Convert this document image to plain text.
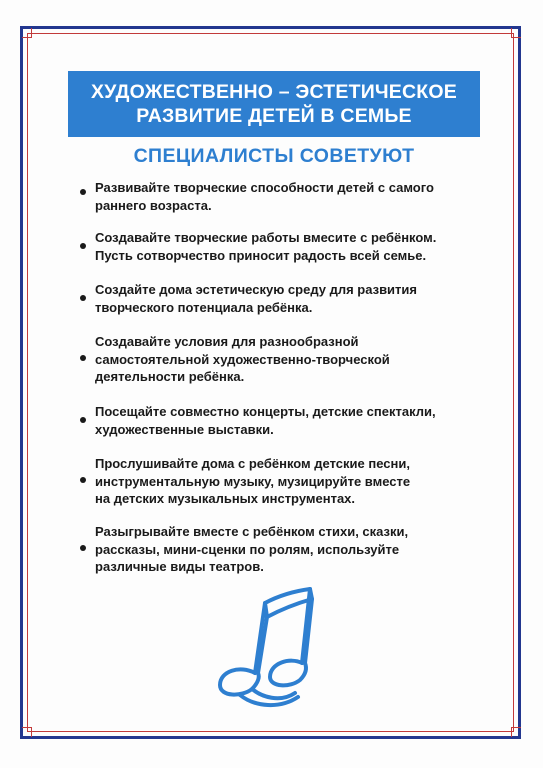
ХУДОЖЕСТВЕННО – ЭСТЕТИЧЕСКОЕ
РАЗВИТИЕ ДЕТЕЙ В СЕМЬЕ
СПЕЦИАЛИСТЫ СОВЕТУЮТ
Развивайте творческие способности детей с самого
раннего возраста.
Создавайте творческие работы вмесите с ребёнком.
Пусть сотворчество приносит радость всей семье.
Создайте дома эстетическую среду для развития
творческого потенциала ребёнка.
Создавайте условия для разнообразной
самостоятельной художественно-творческой
деятельности ребёнка.
Посещайте совместно концерты, детские спектакли,
художественные выставки.
Прослушивайте дома с ребёнком детские песни,
инструментальную музыку, музицируйте вместе
на детских музыкальных инструментах.
Разыгрывайте вместе с ребёнком стихи, сказки,
рассказы, мини-сценки по ролям, используйте
различные виды театров.
